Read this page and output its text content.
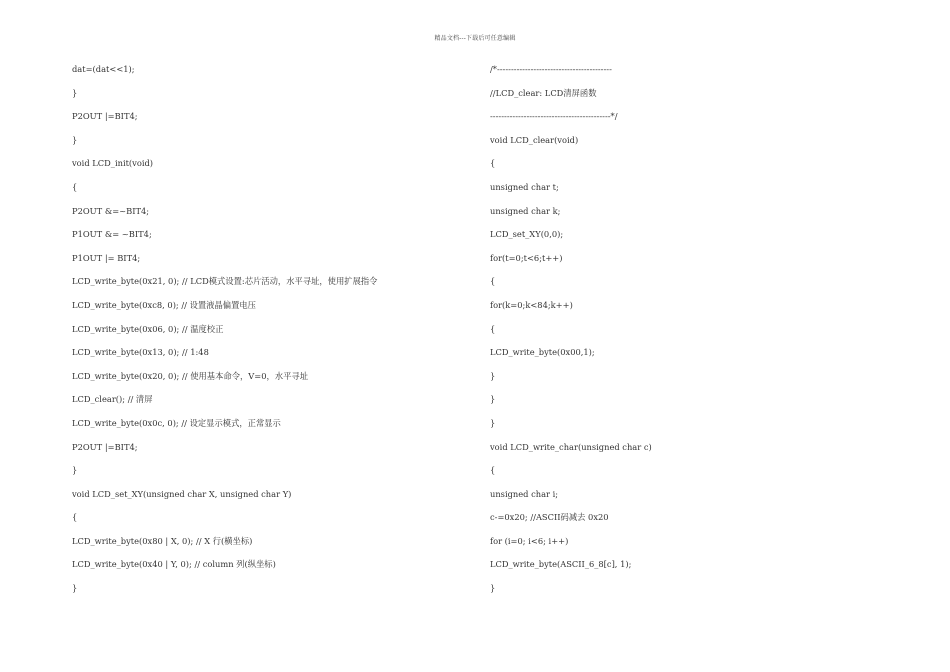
精品文档---下载后可任意编辑
dat=(dat<<1);
}
P2OUT |=BIT4;
}
void LCD_init(void)
{
P2OUT &=~BIT4;
P1OUT &= ~BIT4;
P1OUT |= BIT4;
LCD_write_byte(0x21, 0); // LCD模式设置:芯片活动，水平寻址，使用扩展指令
LCD_write_byte(0xc8, 0); // 设置液晶偏置电压
LCD_write_byte(0x06, 0); // 温度校正
LCD_write_byte(0x13, 0); // 1:48
LCD_write_byte(0x20, 0); // 使用基本命令，V=0，水平寻址
LCD_clear(); // 清屏
LCD_write_byte(0x0c, 0); // 设定显示模式，正常显示
P2OUT |=BIT4;
}
void LCD_set_XY(unsigned char X, unsigned char Y)
{
LCD_write_byte(0x80 | X, 0); // X 行(横坐标)
LCD_write_byte(0x40 | Y, 0); // column 列(纵坐标)
}
/*-----------------------------------------
//LCD_clear: LCD清屏函数
-------------------------------------------*/
void LCD_clear(void)
{
unsigned char t;
unsigned char k;
LCD_set_XY(0,0);
for(t=0;t<6;t++)
{
for(k=0;k<84;k++)
{
LCD_write_byte(0x00,1);
}
}
}
void LCD_write_char(unsigned char c)
{
unsigned char i;
c-=0x20; //ASCII码减去 0x20
for (i=0; i<6; i++)
LCD_write_byte(ASCII_6_8[c], 1);
}
